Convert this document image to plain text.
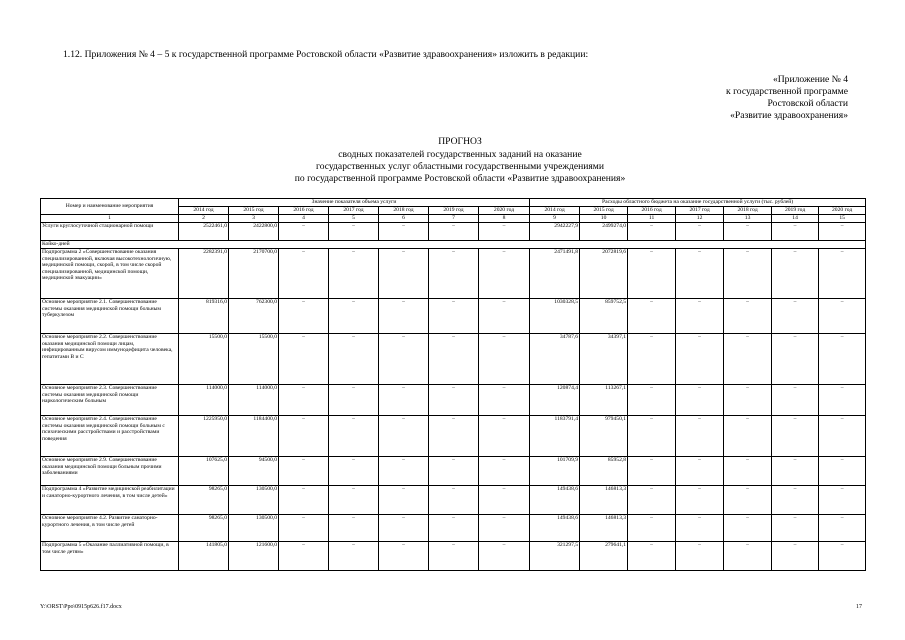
1.12. Приложения № 4 – 5 к государственной программе Ростовской области «Развитие здравоохранения» изложить в редакции:
«Приложение № 4
к государственной программе
Ростовской области
«Развитие здравоохранения»
ПРОГНОЗ
сводных показателей государственных заданий на оказание
государственных услуг областными государственными учреждениями
по государственной программе Ростовской области «Развитие здравоохранения»
Номер и наименование мероприятия	Значение показателя объема услуги							Расходы областного бюджета на оказание государственной услуги (тыс. рублей)						
	2014 год	2015 год	2016 год	2017 год	2018 год	2019 год	2020 год	2014 год	2015 год	2016 год	2017 год	2018 год	2019 год	2020 год
1	2	3	4	5	6	7	8	9	10	11	12	13	14	15
Услуги круглосуточной стационарной помощи	2522461,0	2422800,0	–	–	–	–	–	2942227,9	2499274,0	–	–	–	–	–
Койко-дней														
Подпрограмма 2 «Совершенствование оказания специализированной, включая высокотехнологичную, медицинской помощи, скорой, в том числе скорой специализированной, медицинской помощи, медицинской эвакуации»	2282391,0	2170700,0	–	–	–	–	–	2471491,8	2072819,6	–	–	–	–	–
Основное мероприятие 2.1. Совершенствование системы оказания медицинской помощи больным туберкулезом	819316,0	762300,0	–	–	–	–	–	1030328,5	859752,5	–	–	–	–	–
Основное мероприятие 2.2. Совершенствование оказания медицинской помощи лицам, инфицированным вирусом иммунодефицита человека, гепатитами B и C	15500,0	15500,0	–	–	–	–	–	34787,6	34397,1	–	–	–	–	–
Основное мероприятие 2.3. Совершенствование системы оказания медицинской помощи наркологическим больным	114000,0	114000,0	–	–	–	–	–	120874,4	113267,1	–	–	–	–	–
Основное мероприятие 2.4. Совершенствование системы оказания медицинской помощи больным с психическими расстройствами и расстройствами поведения	1225950,0	1184400,0	–	–	–	–	–	1183791,4	979450,1	–	–	–	–	–
Основное мероприятие 2.9. Совершенствование оказания медицинской помощи больным прочими заболеваниями	107625,0	94500,0	–	–	–	–	–	101709,9	85952,8	–	–	–	–	–
Подпрограмма 4 «Развитие медицинской реабилитации и санаторно-курортного лечения, в том числе детей»	98265,0	130500,0	–	–	–	–	–	149438,6	146813,3	–	–	–	–	–
Основное мероприятие 4.2. Развитие санаторно-курортного лечения, в том числе детей	98265,0	130500,0	–	–	–	–	–	149438,6	146813,3	–	–	–	–	–
Подпрограмма 5 «Оказание паллиативной помощи, в том числе детям»	141805,0	121600,0	–	–	–	–	–	321297,5	279641,1	–	–	–	–	–
Y:\ORST\Ppo\0915p626.f17.docx	17
